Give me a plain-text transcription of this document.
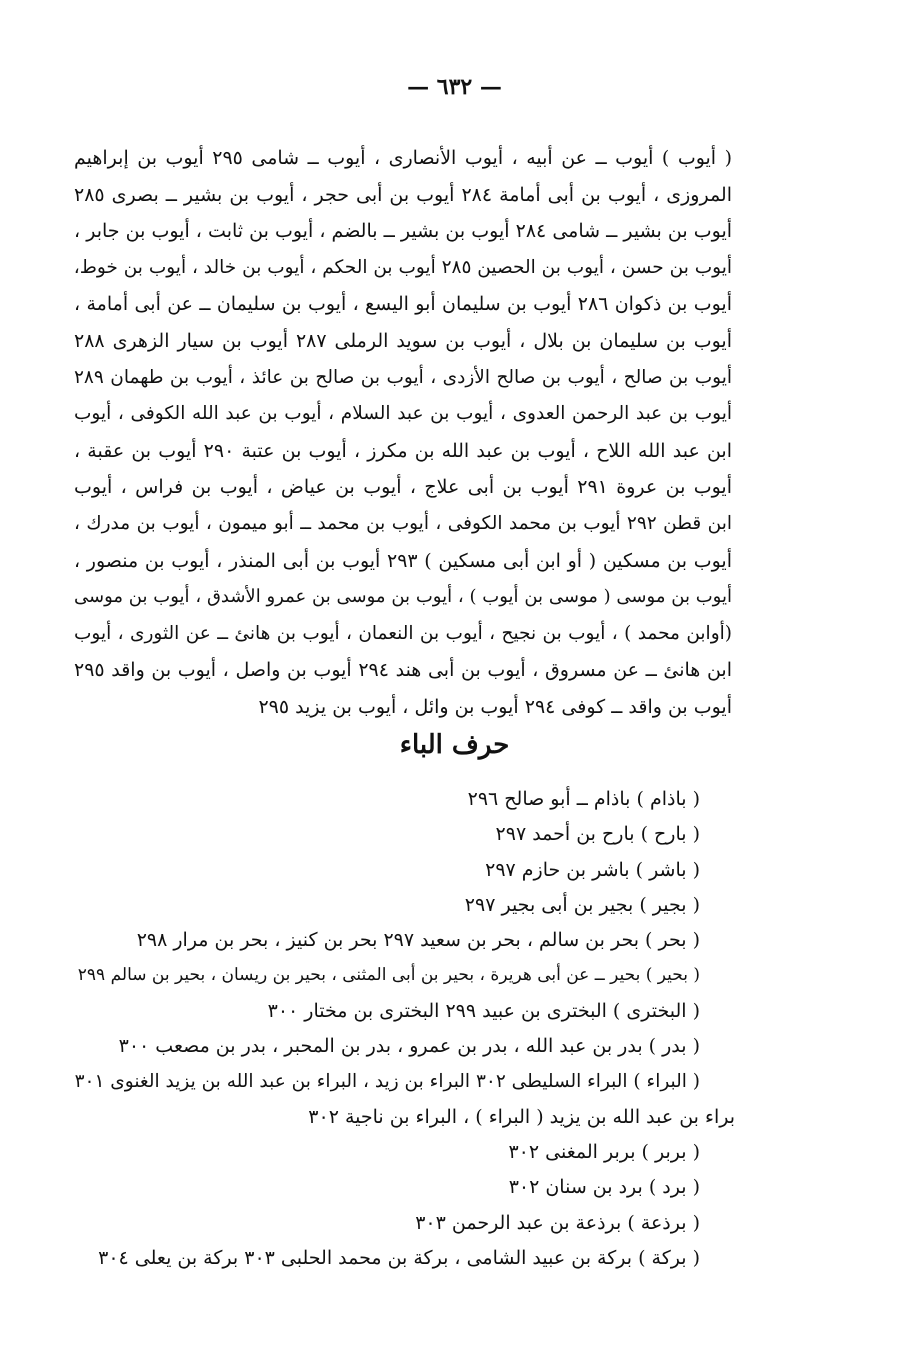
— ٦٣٢ —
( أيوب ) أيوب ــ عن أبيه ، أيوب الأنصارى ، أيوب ــ شامى ٢٩٥ أيوب بن إبراهيم
المروزى ، أيوب بن أبى أمامة ٢٨٤ أيوب بن أبى حجر ، أيوب بن بشير ــ بصرى ٢٨٥
أيوب بن بشير ــ شامى ٢٨٤ أيوب بن بشير ــ بالضم ، أيوب بن ثابت ، أيوب بن جابر ،
أيوب بن حسن ، أيوب بن الحصين ٢٨٥ أيوب بن الحكم ، أيوب بن خالد ، أيوب بن خوط،
أيوب بن ذكوان ٢٨٦ أيوب بن سليمان أبو اليسع ، أيوب بن سليمان ــ عن أبى أمامة ،
أيوب بن سليمان بن بلال ، أيوب بن سويد الرملى ٢٨٧ أيوب بن سيار الزهرى ٢٨٨
أيوب بن صالح ، أيوب بن صالح الأزدى ، أيوب بن صالح بن عائذ ، أيوب بن طهمان ٢٨٩
أيوب بن عبد الرحمن العدوى ، أيوب بن عبد السلام ، أيوب بن عبد الله الكوفى ، أيوب
ابن عبد الله اللاح ، أيوب بن عبد الله بن مكرز ، أيوب بن عتبة ٢٩٠ أيوب بن عقبة ،
أيوب بن عروة ٢٩١ أيوب بن أبى علاج ، أيوب بن عياض ، أيوب بن فراس ، أيوب
ابن قطن ٢٩٢ أيوب بن محمد الكوفى ، أيوب بن محمد ــ أبو ميمون ، أيوب بن مدرك ،
أيوب بن مسكين ( أو ابن أبى مسكين ) ٢٩٣ أيوب بن أبى المنذر ، أيوب بن منصور ،
أيوب بن موسى ( موسى بن أيوب ) ، أيوب بن موسى بن عمرو الأشدق ، أيوب بن موسى
(أوابن محمد ) ، أيوب بن نجيح ، أيوب بن النعمان ، أيوب بن هانئ ــ عن الثورى ، أيوب
ابن هانئ ــ عن مسروق ، أيوب بن أبى هند ٢٩٤ أيوب بن واصل ، أيوب بن واقد ٢٩٥
أيوب بن واقد ــ كوفى ٢٩٤ أيوب بن وائل ، أيوب بن يزيد ٢٩٥
حرف الباء
( باذام ) باذام ــ أبو صالح ٢٩٦
( بارح ) بارح بن أحمد ٢٩٧
( باشر ) باشر بن حازم ٢٩٧
( بجير ) بجير بن أبى بجير ٢٩٧
( بحر ) بحر بن سالم ، بحر بن سعيد ٢٩٧ بحر بن كنيز ، بحر بن مرار ٢٩٨
( بحير ) بحير ــ عن أبى هريرة ، بحير بن أبى المثنى ، بحير بن ريسان ، بحير بن سالم ٢٩٩
( البخترى ) البخترى بن عبيد ٢٩٩ البخترى بن مختار ٣٠٠
( بدر ) بدر بن عبد الله ، بدر بن عمرو ، بدر بن المحبر ، بدر بن مصعب ٣٠٠
( البراء ) البراء السليطى ٣٠٢ البراء بن زيد ، البراء بن عبد الله بن يزيد الغنوى ٣٠١
براء بن عبد الله بن يزيد ( البراء ) ، البراء بن ناجية ٣٠٢
( بربر ) بربر المغنى ٣٠٢
( برد ) برد بن سنان ٣٠٢
( برذعة ) برذعة بن عبد الرحمن ٣٠٣
( بركة ) بركة بن عبيد الشامى ، بركة بن محمد الحلبى ٣٠٣ بركة بن يعلى ٣٠٤
